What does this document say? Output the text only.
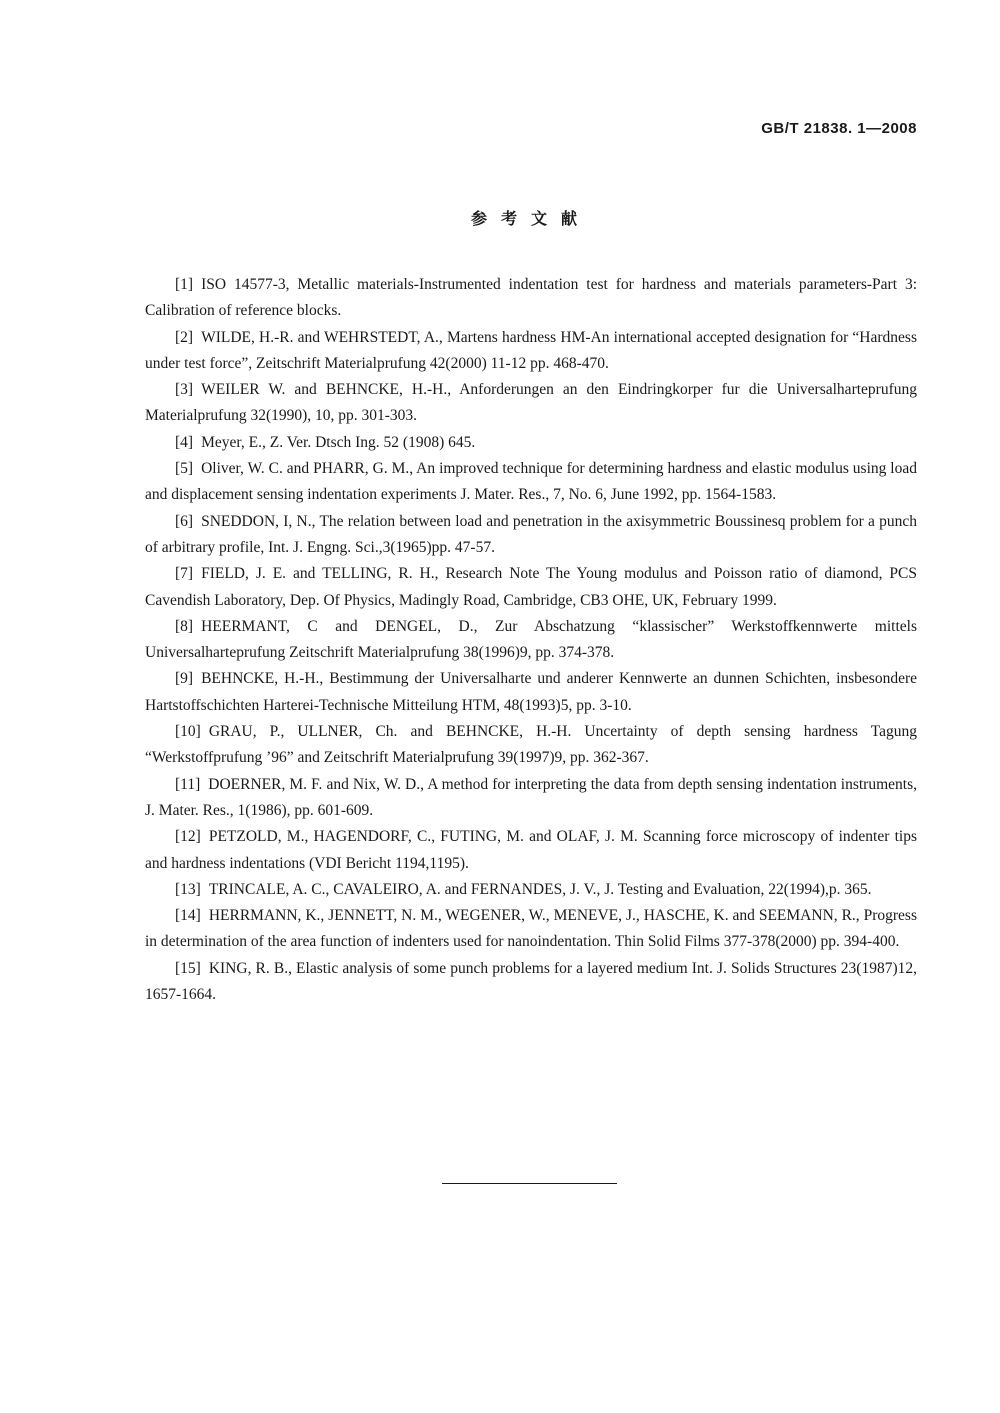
GB/T 21838. 1—2008
参考文献
[1] ISO 14577-3, Metallic materials-Instrumented indentation test for hardness and materials parameters-Part 3: Calibration of reference blocks.
[2] WILDE, H.-R. and WEHRSTEDT, A., Martens hardness HM-An international accepted designation for “Hardness under test force”, Zeitschrift Materialprufung 42(2000) 11-12 pp. 468-470.
[3] WEILER W. and BEHNCKE, H.-H., Anforderungen an den Eindringkorper fur die Universalharteprufung Materialprufung 32(1990), 10, pp. 301-303.
[4] Meyer, E., Z. Ver. Dtsch Ing. 52 (1908) 645.
[5] Oliver, W. C. and PHARR, G. M., An improved technique for determining hardness and elastic modulus using load and displacement sensing indentation experiments J. Mater. Res., 7, No. 6, June 1992, pp. 1564-1583.
[6] SNEDDON, I, N., The relation between load and penetration in the axisymmetric Boussinesq problem for a punch of arbitrary profile, Int. J. Engng. Sci.,3(1965)pp. 47-57.
[7] FIELD, J. E. and TELLING, R. H., Research Note The Young modulus and Poisson ratio of diamond, PCS Cavendish Laboratory, Dep. Of Physics, Madingly Road, Cambridge, CB3 OHE, UK, February 1999.
[8] HEERMANT, C and DENGEL, D., Zur Abschatzung “klassischer” Werkstoffkennwerte mittels Universalharteprufung Zeitschrift Materialprufung 38(1996)9, pp. 374-378.
[9] BEHNCKE, H.-H., Bestimmung der Universalharte und anderer Kennwerte an dunnen Schichten, insbesondere Hartstoffschichten Harterei-Technische Mitteilung HTM, 48(1993)5, pp. 3-10.
[10] GRAU, P., ULLNER, Ch. and BEHNCKE, H.-H. Uncertainty of depth sensing hardness Tagung “Werkstoffprufung ’96” and Zeitschrift Materialprufung 39(1997)9, pp. 362-367.
[11] DOERNER, M. F. and Nix, W. D., A method for interpreting the data from depth sensing indentation instruments, J. Mater. Res., 1(1986), pp. 601-609.
[12] PETZOLD, M., HAGENDORF, C., FUTING, M. and OLAF, J. M. Scanning force microscopy of indenter tips and hardness indentations (VDI Bericht 1194,1195).
[13] TRINCALE, A. C., CAVALEIRO, A. and FERNANDES, J. V., J. Testing and Evaluation, 22(1994),p. 365.
[14] HERRMANN, K., JENNETT, N. M., WEGENER, W., MENEVE, J., HASCHE, K. and SEEMANN, R., Progress in determination of the area function of indenters used for nanoindentation. Thin Solid Films 377-378(2000) pp. 394-400.
[15] KING, R. B., Elastic analysis of some punch problems for a layered medium Int. J. Solids Structures 23(1987)12, 1657-1664.
